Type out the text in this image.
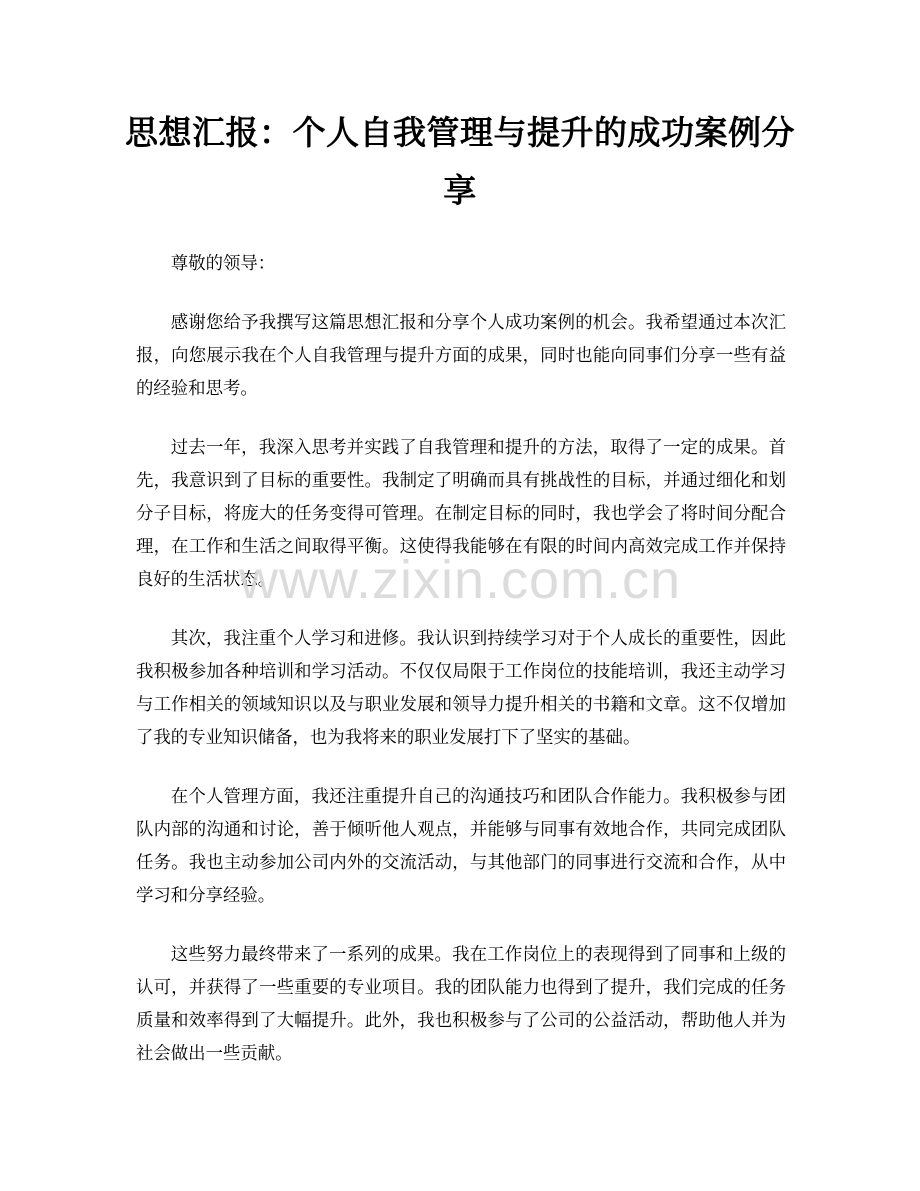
思想汇报：个人自我管理与提升的成功案例分享

尊敬的领导：

感谢您给予我撰写这篇思想汇报和分享个人成功案例的机会。我希望通过本次汇报，向您展示我在个人自我管理与提升方面的成果，同时也能向同事们分享一些有益的经验和思考。

过去一年，我深入思考并实践了自我管理和提升的方法，取得了一定的成果。首先，我意识到了目标的重要性。我制定了明确而具有挑战性的目标，并通过细化和划分子目标，将庞大的任务变得可管理。在制定目标的同时，我也学会了将时间分配合理，在工作和生活之间取得平衡。这使得我能够在有限的时间内高效完成工作并保持良好的生活状态。

其次，我注重个人学习和进修。我认识到持续学习对于个人成长的重要性，因此我积极参加各种培训和学习活动。不仅仅局限于工作岗位的技能培训，我还主动学习与工作相关的领域知识以及与职业发展和领导力提升相关的书籍和文章。这不仅增加了我的专业知识储备，也为我将来的职业发展打下了坚实的基础。

在个人管理方面，我还注重提升自己的沟通技巧和团队合作能力。我积极参与团队内部的沟通和讨论，善于倾听他人观点，并能够与同事有效地合作，共同完成团队任务。我也主动参加公司内外的交流活动，与其他部门的同事进行交流和合作，从中学习和分享经验。

这些努力最终带来了一系列的成果。我在工作岗位上的表现得到了同事和上级的认可，并获得了一些重要的专业项目。我的团队能力也得到了提升，我们完成的任务质量和效率得到了大幅提升。此外，我也积极参与了公司的公益活动，帮助他人并为社会做出一些贡献。

www.zixin.com.cn
